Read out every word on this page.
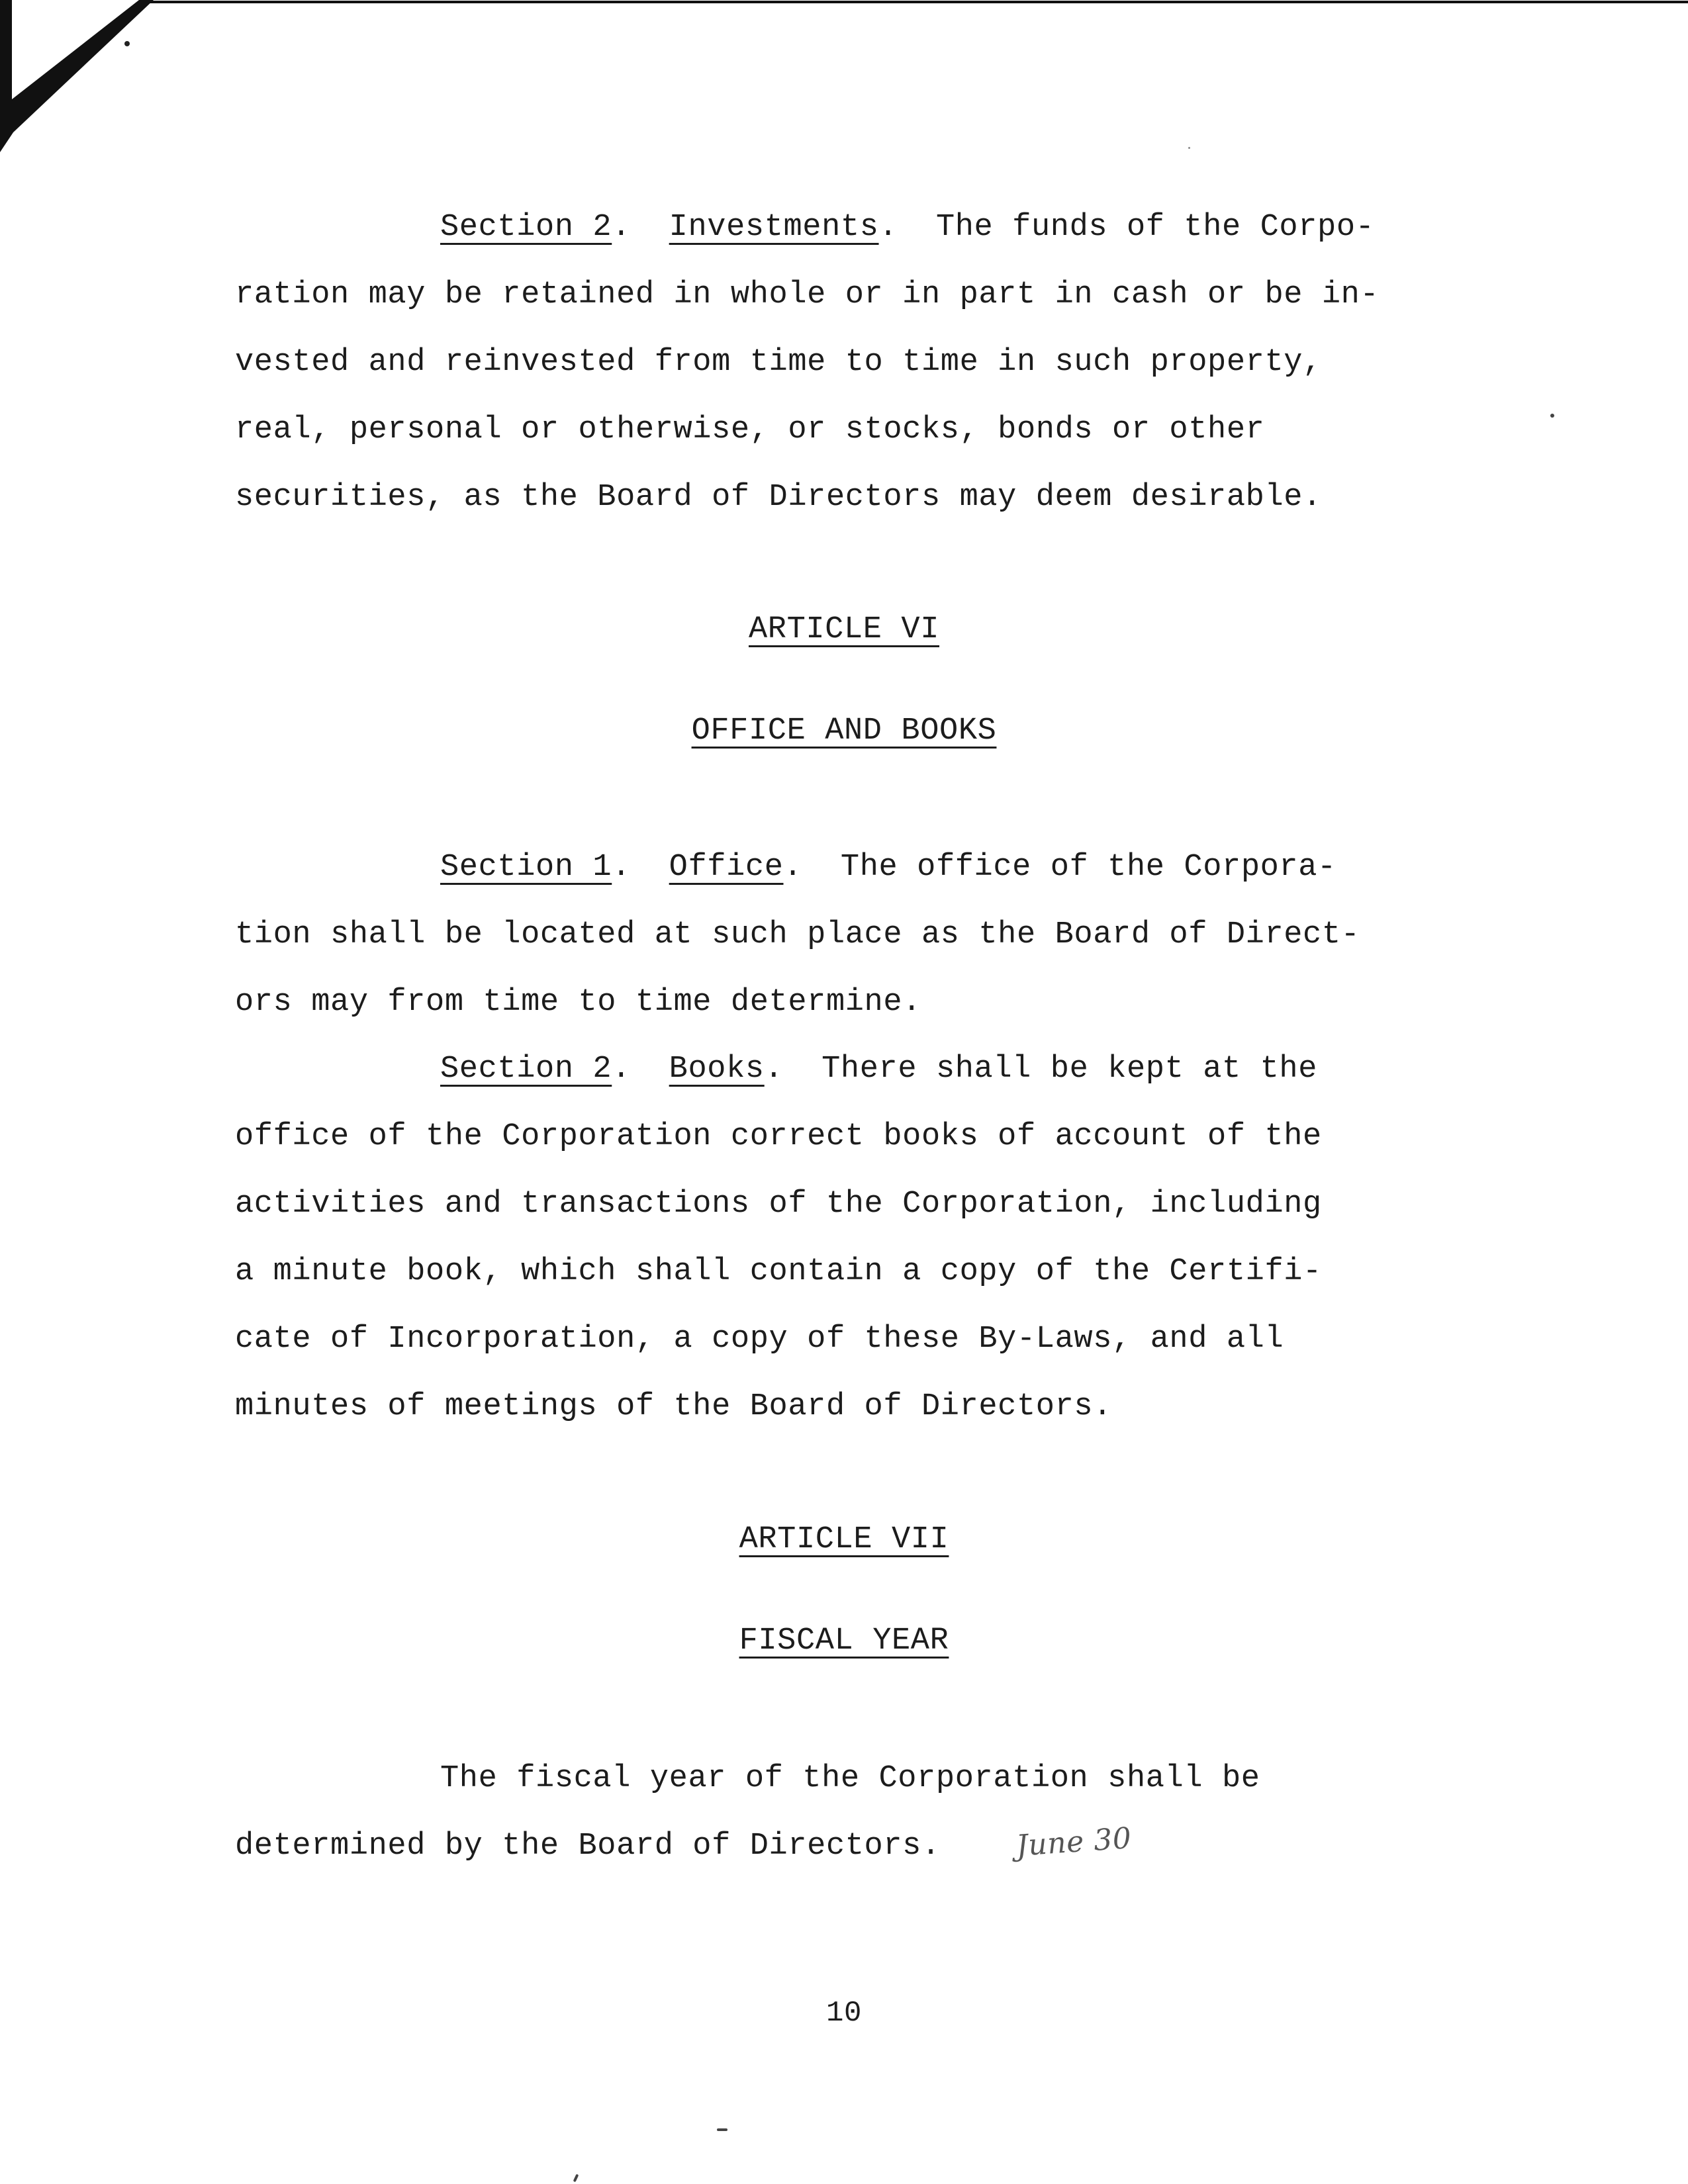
Section 2.  Investments.  The funds of the Corpo-
ration may be retained in whole or in part in cash or be in-
vested and reinvested from time to time in such property,
real, personal or otherwise, or stocks, bonds or other
securities, as the Board of Directors may deem desirable.
ARTICLE VI
OFFICE AND BOOKS
Section 1.  Office.  The office of the Corpora-
tion shall be located at such place as the Board of Direct-
ors may from time to time determine.
Section 2.  Books.  There shall be kept at the
office of the Corporation correct books of account of the
activities and transactions of the Corporation, including
a minute book, which shall contain a copy of the Certifi-
cate of Incorporation, a copy of these By-Laws, and all
minutes of meetings of the Board of Directors.
ARTICLE VII
FISCAL YEAR
The fiscal year of the Corporation shall be
determined by the Board of Directors.	June 30
10
